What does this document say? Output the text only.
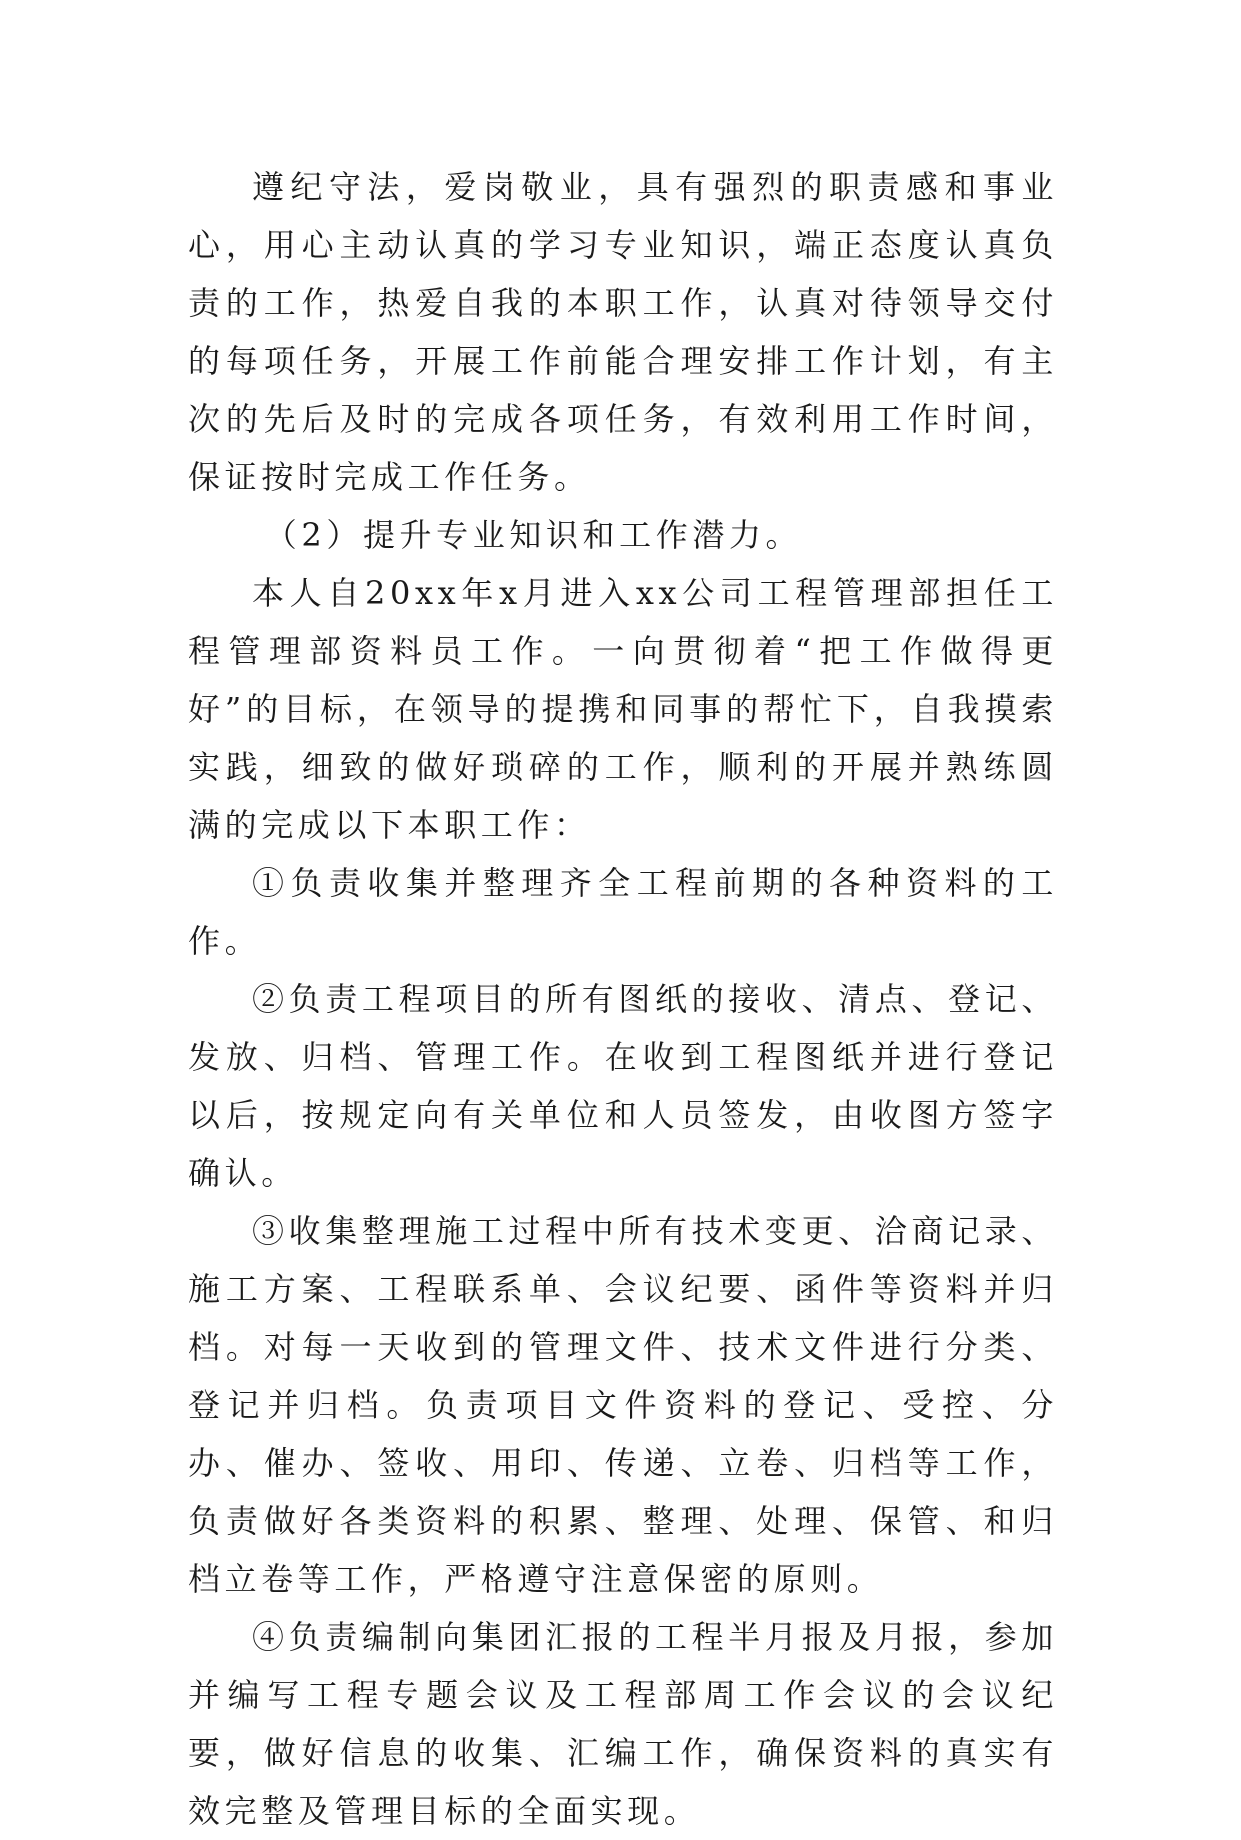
遵纪守法，爱岗敬业，具有强烈的职责感和事业心，用心主动认真的学习专业知识，端正态度认真负责的工作，热爱自我的本职工作，认真对待领导交付的每项任务，开展工作前能合理安排工作计划，有主次的先后及时的完成各项任务，有效利用工作时间，保证按时完成工作任务。

（2）提升专业知识和工作潜力。

本人自20xx年x月进入xx公司工程管理部担任工程管理部资料员工作。一向贯彻着“把工作做得更好”的目标，在领导的提携和同事的帮忙下，自我摸索实践，细致的做好琐碎的工作，顺利的开展并熟练圆满的完成以下本职工作：

①负责收集并整理齐全工程前期的各种资料的工作。

②负责工程项目的所有图纸的接收、清点、登记、发放、归档、管理工作。在收到工程图纸并进行登记以后，按规定向有关单位和人员签发，由收图方签字确认。

③收集整理施工过程中所有技术变更、洽商记录、施工方案、工程联系单、会议纪要、函件等资料并归档。对每一天收到的管理文件、技术文件进行分类、登记并归档。负责项目文件资料的登记、受控、分办、催办、签收、用印、传递、立卷、归档等工作，负责做好各类资料的积累、整理、处理、保管、和归档立卷等工作，严格遵守注意保密的原则。

④负责编制向集团汇报的工程半月报及月报，参加并编写工程专题会议及工程部周工作会议的会议纪要，做好信息的收集、汇编工作，确保资料的真实有效完整及管理目标的全面实现。
